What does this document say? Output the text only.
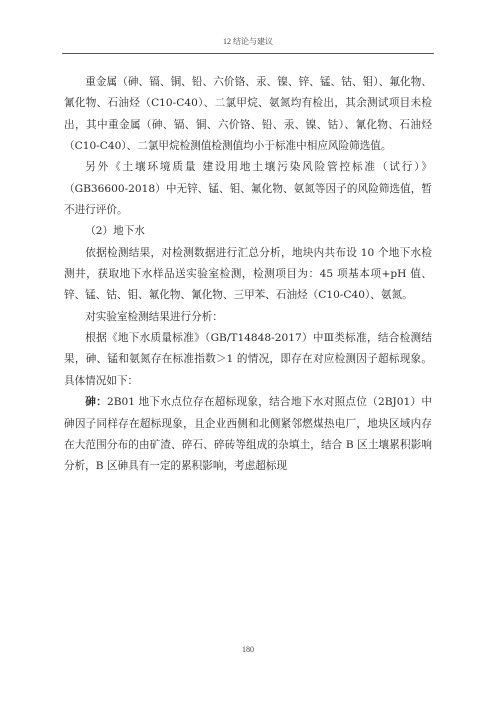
12 结论与建议

重金属（砷、镉、铜、铅、六价铬、汞、镍、锌、锰、钴、钼）、氟化物、氰化物、石油烃（C10-C40）、二氯甲烷、氨氮均有检出，其余测试项目未检出，其中重金属（砷、镉、铜、六价铬、铅、汞、镍、钴）、氰化物、石油烃（C10-C40）、二氯甲烷检测值检测值均小于标准中相应风险筛选值。

另外《土壤环境质量 建设用地土壤污染风险管控标准（试行）》（GB36600-2018）中无锌、锰、钼、氟化物、氨氮等因子的风险筛选值，暂不进行评价。

（2）地下水

依据检测结果，对检测数据进行汇总分析，地块内共布设 10 个地下水检测井，获取地下水样品送实验室检测，检测项目为：45 项基本项+pH 值、锌、锰、钴、钼、氟化物、氰化物、三甲苯、石油烃（C10-C40）、氨氮。

对实验室检测结果进行分析：

根据《地下水质量标准》（GB/T14848-2017）中Ⅲ类标准，结合检测结果，砷、锰和氨氮存在标准指数＞1 的情况，即存在对应检测因子超标现象。具体情况如下：

砷：2B01 地下水点位存在超标现象，结合地下水对照点位（2BJ01）中砷因子同样存在超标现象，且企业西侧和北侧紧邻燃煤热电厂，地块区域内存在大范围分布的由矿渣、碎石、碎砖等组成的杂填土，结合 B 区土壤累积影响分析，B 区砷具有一定的累积影响，考虑超标现

180
